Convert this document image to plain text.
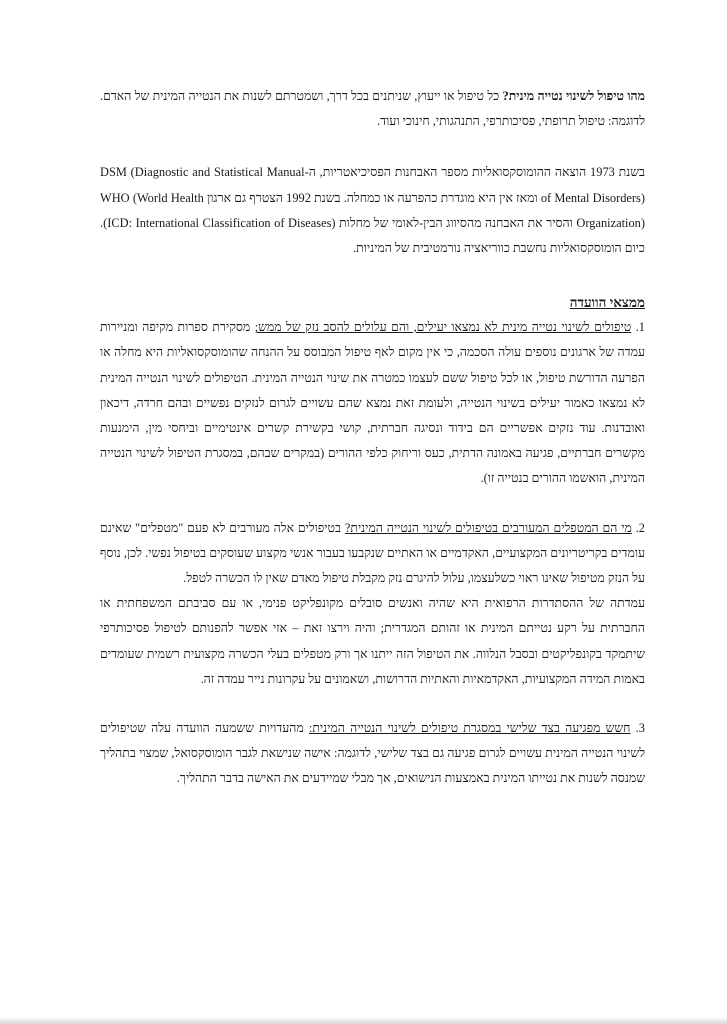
מהו טיפול לשינוי נטייה מינית? כל טיפול או ייעוץ, שניתנים בכל דרך, ושמטרתם לשנות את הנטייה המינית של האדם. לדוגמה: טיפול תרופתי, פסיכותרפי, התנהגותי, חינוכי ועוד.

בשנת 1973 הוצאה ההומוסקסואליות מספר האבחנות הפסיכיאטריות, ה-DSM (Diagnostic and Statistical Manual of Mental Disorders) ומאז אין היא מוגדרת כהפרעה או כמחלה. בשנת 1992 הצטרף גם ארגון WHO (World Health Organization) והסיר את האבחנה מהסיווג הבין-לאומי של מחלות (ICD: International Classification of Diseases). כיום הומוסקסואליות נחשבת כווריאציה נורמטיבית של המיניות.

ממצאי הוועדה

1. טיפולים לשינוי נטייה מינית לא נמצאו יעילים, והם עלולים להסב נזק של ממש; מסקירת ספרות מקיפה ומניירות עמדה של ארגונים נוספים עולה הסכמה, כי אין מקום לאף טיפול המבוסס על ההנחה שהומוסקסואליות היא מחלה או הפרעה הדורשת טיפול, או לכל טיפול ששם לעצמו כמטרה את שינוי הנטייה המינית. הטיפולים לשינוי הנטייה המינית לא נמצאו כאמור יעילים בשינוי הנטייה, ולעומת זאת נמצא שהם עשויים לגרום לנזקים נפשיים ובהם חרדה, דיכאון ואובדנות. עוד נזקים אפשריים הם בידוד ונסיגה חברתית, קושי בקשירת קשרים אינטימיים וביחסי מין, הימנעות מקשרים חברתיים, פגיעה באמונה הדתית, כעס וריחוק כלפי ההורים (במקרים שבהם, במסגרת הטיפול לשינוי הנטייה המינית, הואשמו ההורים בנטייה זו).

2. מי הם המטפלים המעורבים בטיפולים לשינוי הנטייה המינית? בטיפולים אלה מעורבים לא פעם "מטפלים" שאינם עומדים בקריטריונים המקצועיים, האקדמיים או האתיים שנקבעו בעבור אנשי מקצוע שעוסקים בטיפול נפשי. לכן, נוסף על הנזק מטיפול שאינו ראוי כשלעצמו, עלול להיגרם נזק מקבלת טיפול מאדם שאין לו הכשרה לטפל.

עמדתה של ההסתדרות הרפואית היא שהיה ואנשים סובלים מקונפליקט פנימי, או עם סביבתם המשפחתית או החברתית על רקע נטייתם המינית או זהותם המגדרית; והיה וירצו זאת – אזי אפשר להפנותם לטיפול פסיכותרפי שיתמקד בקונפליקטים ובסבל הנלווה. את הטיפול הזה ייתנו אך ורק מטפלים בעלי הכשרה מקצועית רשמית שעומדים באמות המידה המקצועיות, האקדמאיות והאתיות הדרושות, ושאמונים על עקרונות נייר עמדה זה.

3. חשש מפגיעה בצד שלישי במסגרת טיפולים לשינוי הנטייה המינית: מהעדויות ששמעה הוועדה עלה שטיפולים לשינוי הנטייה המינית עשויים לגרום פגיעה גם בצד שלישי, לדוגמה: אישה שנישאת לגבר הומוסקסואל, שמצוי בתהליך שמנסה לשנות את נטייתו המינית באמצעות הנישואים, אך מבלי שמיידעים את האישה בדבר התהליך.
